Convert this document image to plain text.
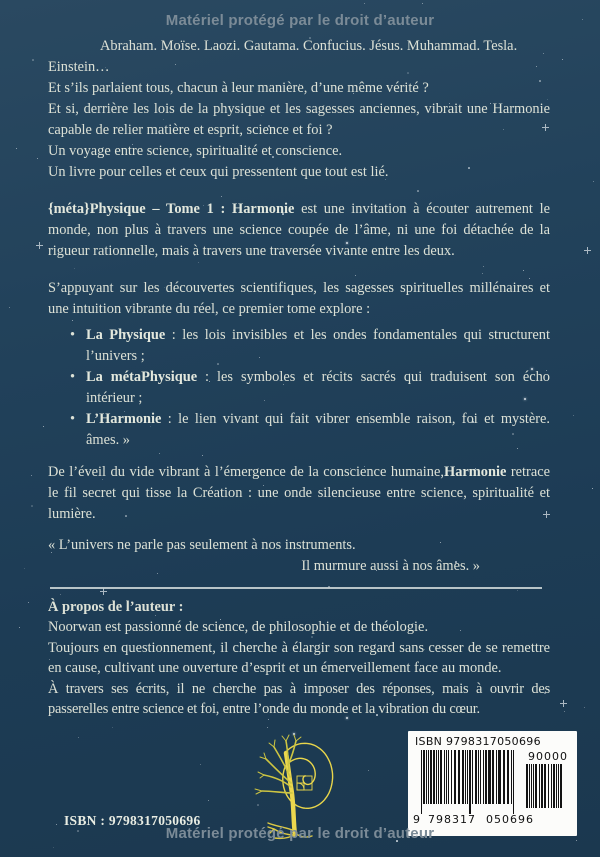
Matériel protégé par le droit d’auteur
Abraham. Moïse. Laozi. Gautama. Confucius. Jésus. Muhammad. Tesla.
Einstein…
Et s’ils parlaient tous, chacun à leur manière, d’une même vérité ?

Et si, derrière les lois de la physique et les sagesses anciennes, vibrait une Harmonie capable de relier matière et esprit, science et foi ?

Un voyage entre science, spiritualité et conscience.
Un livre pour celles et ceux qui pressentent que tout est lié.

{méta}Physique – Tome 1 : Harmonie est une invitation à écouter autrement le monde, non plus à travers une science coupée de l’âme, ni une foi détachée de la rigueur rationnelle, mais à travers une traversée vivante entre les deux.

S’appuyant sur les découvertes scientifiques, les sagesses spirituelles millénaires et une intuition vibrante du réel, ce premier tome explore :

• La Physique : les lois invisibles et les ondes fondamentales qui structurent l’univers ;
• La métaPhysique : les symboles et récits sacrés qui traduisent son écho intérieur ;
• L’Harmonie : le lien vivant qui fait vibrer ensemble raison, foi et mystère. âmes. »

De l’éveil du vide vibrant à l’émergence de la conscience humaine,Harmonie retrace le fil secret qui tisse la Création : une onde silencieuse entre science, spiritualité et lumière.

« L’univers ne parle pas seulement à nos instruments.
Il murmure aussi à nos âmes. »
À propos de l’auteur :
Noorwan est passionné de science, de philosophie et de théologie.

Toujours en questionnement, il cherche à élargir son regard sans cesser de se remettre en cause, cultivant une ouverture d’esprit et un émerveillement face au monde.

À travers ses écrits, il ne cherche pas à imposer des réponses, mais à ouvrir des passerelles entre science et foi, entre l’onde du monde et la vibration du cœur.

ISBN 9798317050696
9 798317 050696
90000
ISBN : 9798317050696
Matériel protégé par le droit d’auteur
